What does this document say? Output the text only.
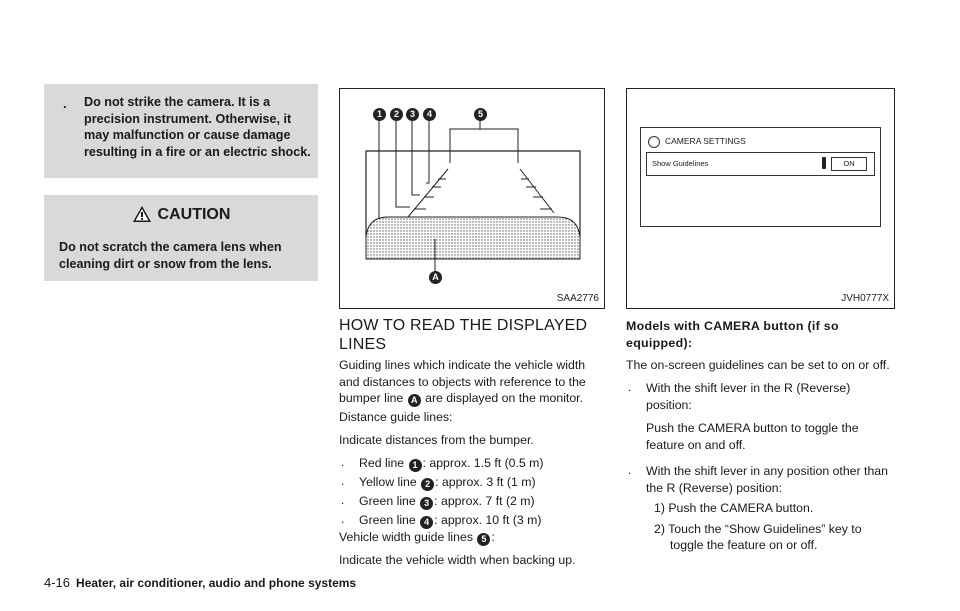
. Do not strike the camera. It is a precision instrument. Otherwise, it may malfunction or cause damage resulting in a fire or an electric shock.
CAUTION
Do not scratch the camera lens when cleaning dirt or snow from the lens.
1	2	3	4	5
A
SAA2776
CAMERA SETTINGS
Show Guidelines	ON
JVH0777X
HOW TO READ THE DISPLAYED
LINES
Guiding lines which indicate the vehicle width
and distances to objects with reference to the
bumper line A are displayed on the monitor.
Distance guide lines:
Indicate distances from the bumper.
. Red line 1 : approx. 1.5 ft (0.5 m)
. Yellow line 2 : approx. 3 ft (1 m)
. Green line 3 : approx. 7 ft (2 m)
. Green line 4 : approx. 10 ft (3 m)
Vehicle width guide lines 5 :
Indicate the vehicle width when backing up.
Models with CAMERA button (if so
equipped):
The on-screen guidelines can be set to on or off.
. With the shift lever in the R (Reverse)
position:
Push the CAMERA button to toggle the
feature on and off.
. With the shift lever in any position other than
the R (Reverse) position:
1) Push the CAMERA button.
2) Touch the “Show Guidelines” key to
toggle the feature on or off.
4-16 Heater, air conditioner, audio and phone systems
